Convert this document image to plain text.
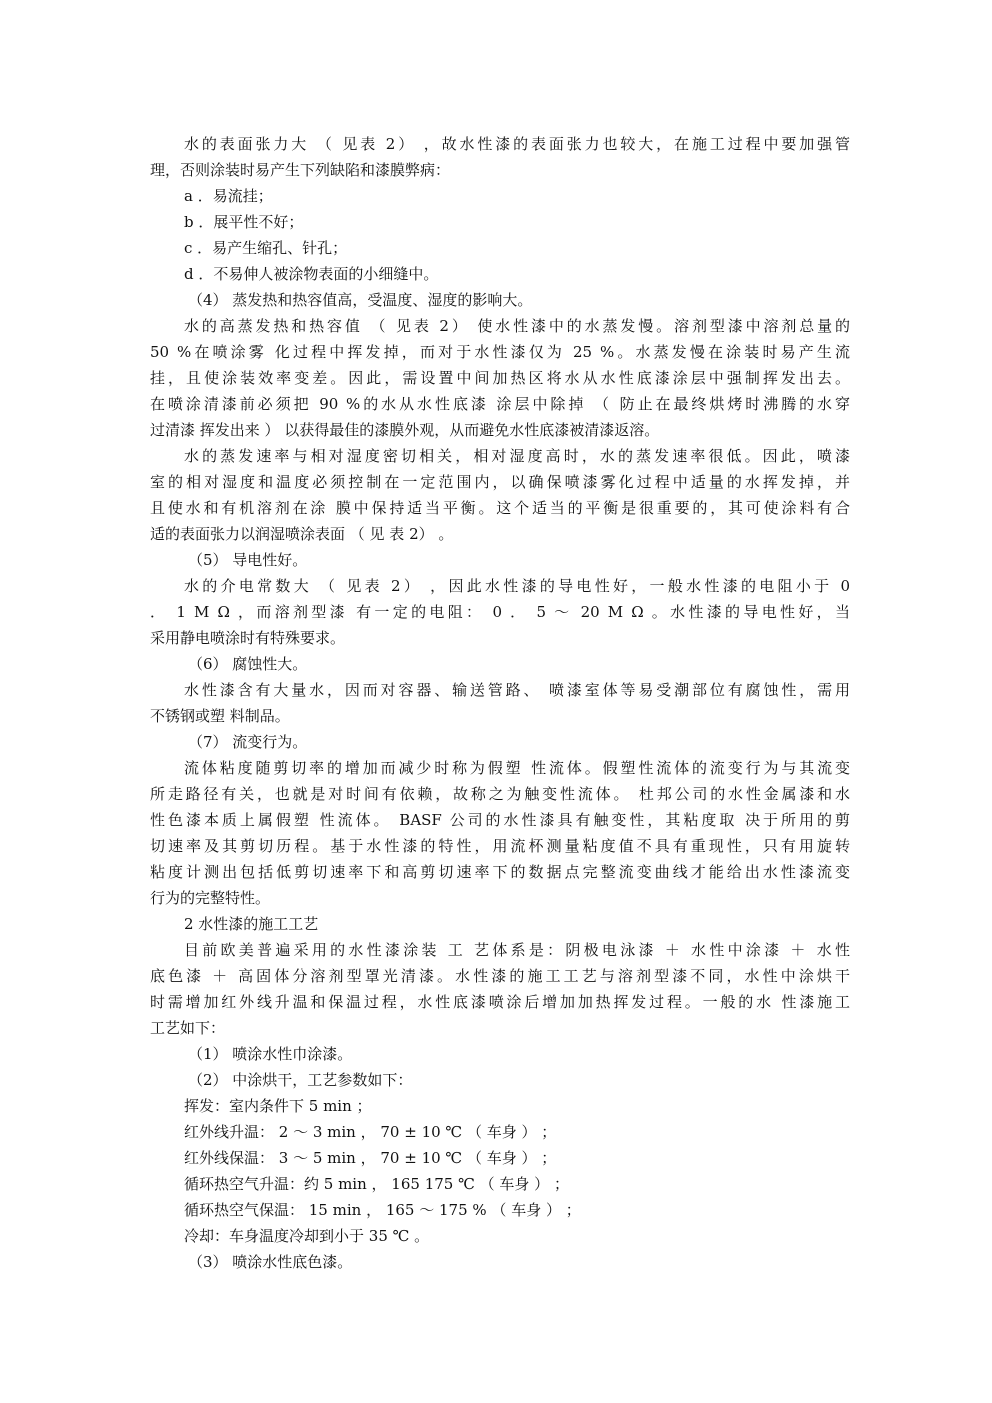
水的表面张力大 （ 见表 2） ，故水性漆的表面张力也较大，在施工过程中要加强管
理，否则涂装时易产生下列缺陷和漆膜弊病：
a ．易流挂；
b ．展平性不好；
c ．易产生缩孔、针孔；
d ．不易伸人被涂物表面的小细缝中。
（4） 蒸发热和热容值高，受温度、湿度的影响大。
水的高蒸发热和热容值 （ 见表 2） 使水性漆中的水蒸发慢。溶剂型漆中溶剂总量的
50 %在喷涂雾 化过程中挥发掉，而对于水性漆仅为 25 %。水蒸发慢在涂装时易产生流
挂，且使涂装效率变差。因此，需设置中间加热区将水从水性底漆涂层中强制挥发出去。
在喷涂清漆前必须把 90 %的水从水性底漆 涂层中除掉 （ 防止在最终烘烤时沸腾的水穿
过清漆 挥发出来 ） 以获得最佳的漆膜外观，从而避免水性底漆被清漆返溶。
水的蒸发速率与相对湿度密切相关，相对湿度高时，水的蒸发速率很低。因此，喷漆
室的相对湿度和温度必须控制在一定范围内，以确保喷漆雾化过程中适量的水挥发掉，并
且使水和有机溶剂在涂 膜中保持适当平衡。这个适当的平衡是很重要的，其可使涂料有合
适的表面张力以润湿喷涂表面 （ 见 表 2） 。
（5） 导电性好。
水的介电常数大 （ 见表 2） ，因此水性漆的导电性好，一般水性漆的电阻小于 0
． 1 M Ω ，而溶剂型漆 有一定的电阻： 0 ． 5 ～ 20 M Ω 。水性漆的导电性好，当
采用静电喷涂时有特殊要求。
（6） 腐蚀性大。
水性漆含有大量水，因而对容器、输送管路、 喷漆室体等易受潮部位有腐蚀性，需用
不锈钢或塑 料制品。
（7） 流变行为。
流体粘度随剪切率的增加而减少时称为假塑 性流体。假塑性流体的流变行为与其流变
所走路径有关，也就是对时间有依赖，故称之为触变性流体。 杜邦公司的水性金属漆和水
性色漆本质上属假塑 性流体。 BASF 公司的水性漆具有触变性，其粘度取 决于所用的剪
切速率及其剪切历程。基于水性漆的特性，用流杯测量粘度值不具有重现性，只有用旋转
粘度计测出包括低剪切速率下和高剪切速率下的数据点完整流变曲线才能给出水性漆流变
行为的完整特性。
2 水性漆的施工工艺
目前欧美普遍采用的水性漆涂装 工 艺体系是：阴极电泳漆 ＋ 水性中涂漆 ＋ 水性
底色漆 ＋ 高固体分溶剂型罩光清漆。水性漆的施工工艺与溶剂型漆不同，水性中涂烘干
时需增加红外线升温和保温过程，水性底漆喷涂后增加加热挥发过程。一般的水 性漆施工
工艺如下：
（1） 喷涂水性巾涂漆。
（2） 中涂烘干，工艺参数如下：
挥发：室内条件下 5 min ；
红外线升温： 2 ～ 3 min ， 70 ± 10 ℃ （ 车身 ） ；
红外线保温： 3 ～ 5 min ， 70 ± 10 ℃ （ 车身 ） ；
循环热空气升温：约 5 min ， 165 175 ℃ （ 车身 ） ；
循环热空气保温： 15 min ， 165 ～ 175 % （ 车身 ） ；
冷却：车身温度冷却到小于 35 ℃ 。
（3） 喷涂水性底色漆。
